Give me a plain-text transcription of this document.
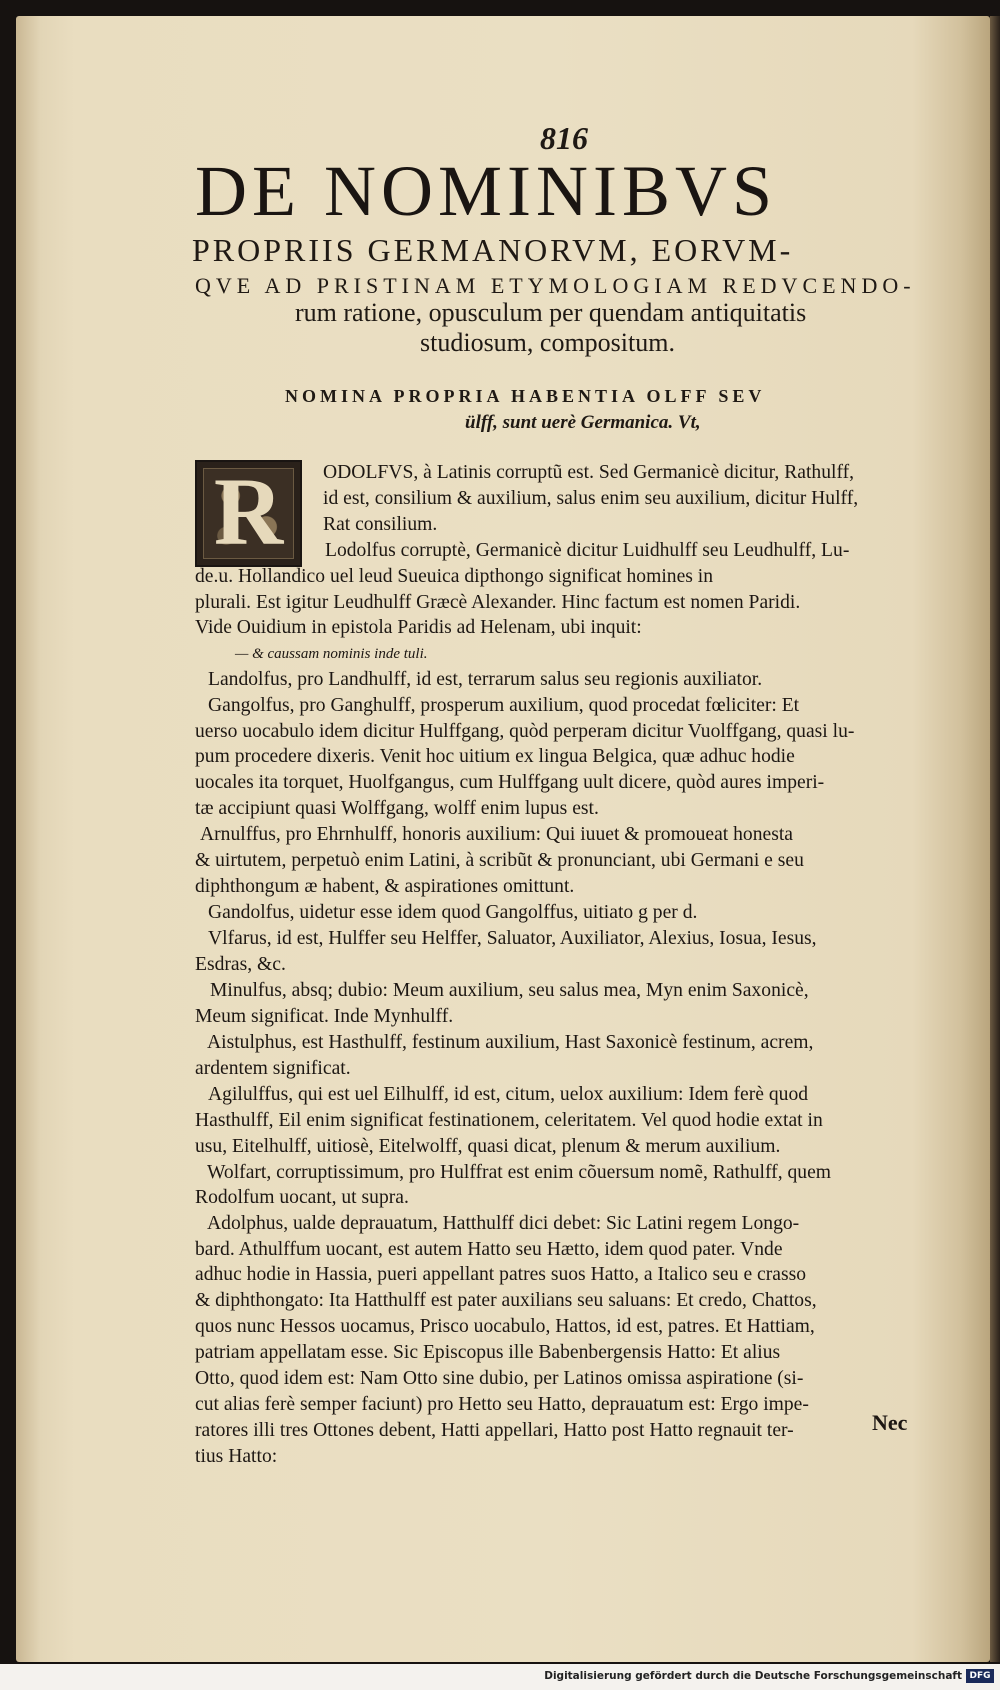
816
DE NOMINIBVS
PROPRIIS GERMANORVM, EORVM-
QVE AD PRISTINAM ETYMOLOGIAM REDVCENDO-
rum ratione, opusculum per quendam antiquitatis
studiosum, compositum.
NOMINA PROPRIA HABENTIA OLFF SEV
ülff, sunt uerè Germanica. Vt,
R	ODOLFVS, à Latinis corruptũ est. Sed Germanicè dicitur, Rathulff,
id est, consilium & auxilium, salus enim seu auxilium, dicitur Hulff,
Rat consilium.
Lodolfus corruptè, Germanicè dicitur Luidhulff seu Leudhulff, Lu-
de.u. Hollandico uel leud Sueuica dipthongo significat homines in
plurali. Est igitur Leudhulff Græcè Alexander. Hinc factum est nomen Paridi.
Vide Ouidium in epistola Paridis ad Helenam, ubi inquit:
— & caussam nominis inde tuli.
Landolfus, pro Landhulff, id est, terrarum salus seu regionis auxiliator.
Gangolfus, pro Ganghulff, prosperum auxilium, quod procedat fœliciter: Et
uerso uocabulo idem dicitur Hulffgang, quòd perperam dicitur Vuolffgang, quasi lu-
pum procedere dixeris. Venit hoc uitium ex lingua Belgica, quæ adhuc hodie
uocales ita torquet, Huolfgangus, cum Hulffgang uult dicere, quòd aures imperi-
tæ accipiunt quasi Wolffgang, wolff enim lupus est.
Arnulffus, pro Ehrnhulff, honoris auxilium: Qui iuuet & promoueat honesta
& uirtutem, perpetuò enim Latini, à scribũt & pronunciant, ubi Germani e seu
diphthongum æ habent, & aspirationes omittunt.
Gandolfus, uidetur esse idem quod Gangolffus, uitiato g per d.
Vlfarus, id est, Hulffer seu Helffer, Saluator, Auxiliator, Alexius, Iosua, Iesus,
Esdras, &c.
Minulfus, absq; dubio: Meum auxilium, seu salus mea, Myn enim Saxonicè,
Meum significat. Inde Mynhulff.
Aistulphus, est Hasthulff, festinum auxilium, Hast Saxonicè festinum, acrem,
ardentem significat.
Agilulffus, qui est uel Eilhulff, id est, citum, uelox auxilium: Idem ferè quod
Hasthulff, Eil enim significat festinationem, celeritatem. Vel quod hodie extat in
usu, Eitelhulff, uitiosè, Eitelwolff, quasi dicat, plenum & merum auxilium.
Wolfart, corruptissimum, pro Hulffrat est enim cõuersum nomẽ, Rathulff, quem
Rodolfum uocant, ut supra.
Adolphus, ualde deprauatum, Hatthulff dici debet: Sic Latini regem Longo-
bard. Athulffum uocant, est autem Hatto seu Hætto, idem quod pater. Vnde
adhuc hodie in Hassia, pueri appellant patres suos Hatto, a Italico seu e crasso
& diphthongato: Ita Hatthulff est pater auxilians seu saluans: Et credo, Chattos,
quos nunc Hessos uocamus, Prisco uocabulo, Hattos, id est, patres. Et Hattiam,
patriam appellatam esse. Sic Episcopus ille Babenbergensis Hatto: Et alius
Otto, quod idem est: Nam Otto sine dubio, per Latinos omissa aspiratione (si-
cut alias ferè semper faciunt) pro Hetto seu Hatto, deprauatum est: Ergo impe-
ratores illi tres Ottones debent, Hatti appellari, Hatto post Hatto regnauit ter-
tius Hatto:
Nec
Digitalisierung gefördert durch die Deutsche Forschungsgemeinschaft DFG
